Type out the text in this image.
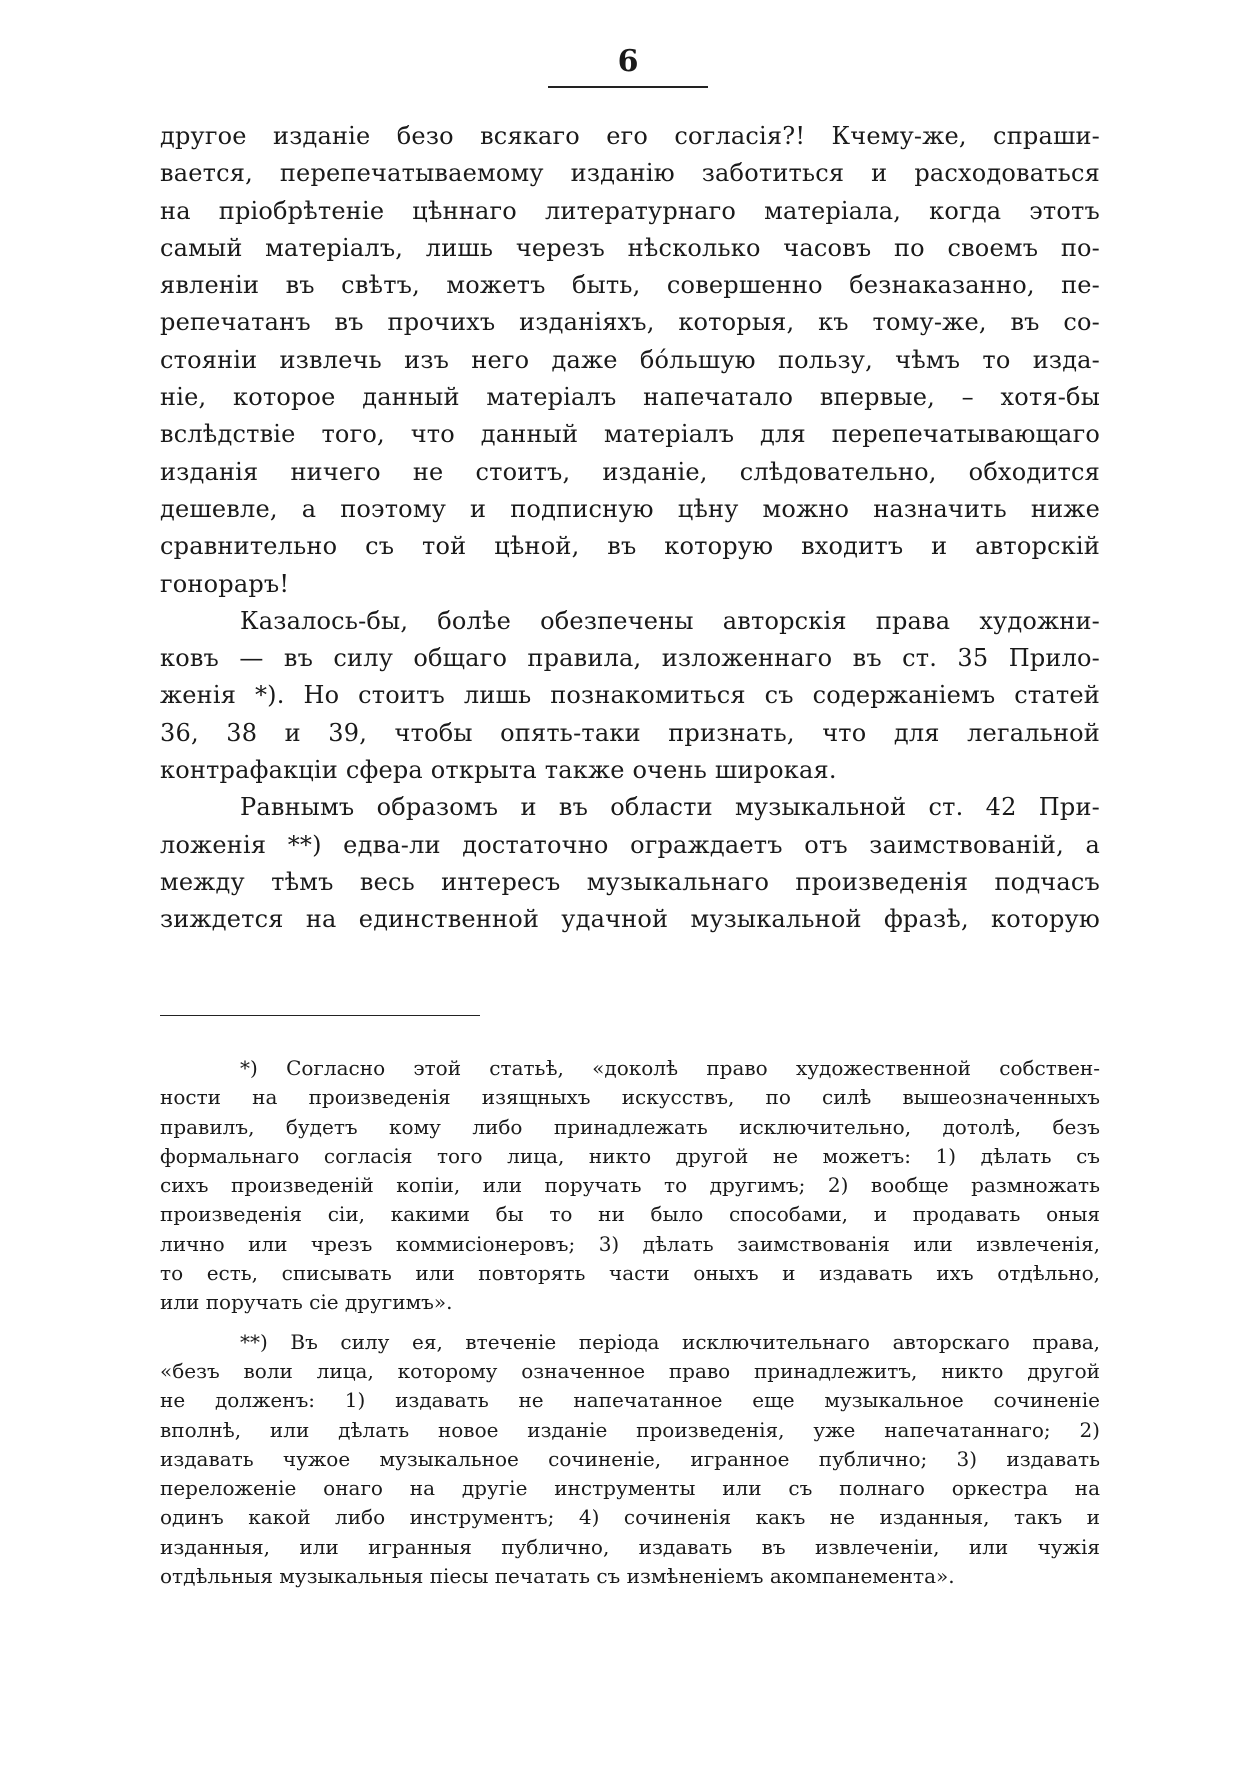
6
другое изданіе безо всякаго его согласія?! Кчему-же, спраши-
вается, перепечатываемому изданію заботиться и расходоваться
на пріобрѣтеніе цѣннаго литературнаго матеріала, когда этотъ
самый матеріалъ, лишь черезъ нѣсколько часовъ по своемъ по-
явленіи въ свѣтъ, можетъ быть, совершенно безнаказанно, пе-
репечатанъ въ прочихъ изданіяхъ, которыя, къ тому-же, въ со-
стояніи извлечь изъ него даже бóльшую пользу, чѣмъ то изда-
ніе, которое данный матеріалъ напечатало впервые, – хотя-бы
вслѣдствіе того, что данный матеріалъ для перепечатывающаго
изданія ничего не стоитъ, изданіе, слѣдовательно, обходится
дешевле, а поэтому и подписную цѣну можно назначить ниже
сравнительно съ той цѣной, въ которую входитъ и авторскій
гонораръ!
Казалось-бы, болѣе обезпечены авторскія права художни-
ковъ — въ силу общаго правила, изложеннаго въ ст. 35 Прило-
женія *). Но стоитъ лишь познакомиться съ содержаніемъ статей
36, 38 и 39, чтобы опять-таки признать, что для легальной
контрафакціи сфера открыта также очень широкая.
Равнымъ образомъ и въ области музыкальной ст. 42 При-
ложенія **) едва-ли достаточно ограждаетъ отъ заимствованій, а
между тѣмъ весь интересъ музыкальнаго произведенія подчасъ
зиждется на единственной удачной музыкальной фразѣ, которую
*) Согласно этой статьѣ, «доколѣ право художественной собствен-
ности на произведенія изящныхъ искусствъ, по силѣ вышеозначенныхъ
правилъ, будетъ кому либо принадлежать исключительно, дотолѣ, безъ
формальнаго согласія того лица, никто другой не можетъ: 1) дѣлать съ
сихъ произведеній копіи, или поручать то другимъ; 2) вообще размножать
произведенія сіи, какими бы то ни было способами, и продавать оныя
лично или чрезъ коммисіонеровъ; 3) дѣлать заимствованія или извлеченія,
то есть, списывать или повторять части оныхъ и издавать ихъ отдѣльно,
или поручать сіе другимъ».
**) Въ силу ея, втеченіе періода исключительнаго авторскаго права,
«безъ воли лица, которому означенное право принадлежитъ, никто другой
не долженъ: 1) издавать не напечатанное еще музыкальное сочиненіе
вполнѣ, или дѣлать новое изданіе произведенія, уже напечатаннаго; 2)
издавать чужое музыкальное сочиненіе, игранное публично; 3) издавать
переложеніе онаго на другіе инструменты или съ полнаго оркестра на
одинъ какой либо инструментъ; 4) сочиненія какъ не изданныя, такъ и
изданныя, или игранныя публично, издавать въ извлеченіи, или чужія
отдѣльныя музыкальныя піесы печатать съ измѣненіемъ акомпанемента».
